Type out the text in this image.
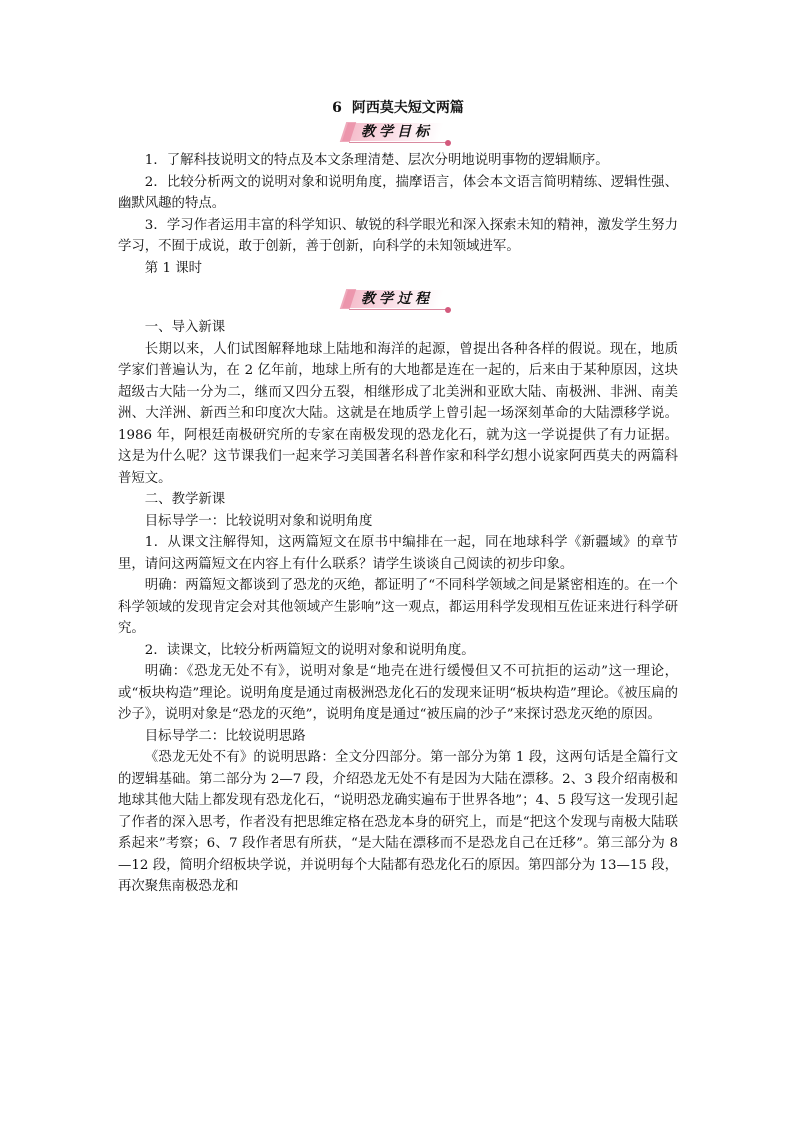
6 阿西莫夫短文两篇
教学目标

1．了解科技说明文的特点及本文条理清楚、层次分明地说明事物的逻辑顺序。

2．比较分析两文的说明对象和说明角度，揣摩语言，体会本文语言简明精练、逻辑性强、幽默风趣的特点。

3．学习作者运用丰富的科学知识、敏锐的科学眼光和深入探索未知的精神，激发学生努力学习，不囿于成说，敢于创新，善于创新，向科学的未知领域进军。

第 1 课时

教学过程

一、导入新课

长期以来，人们试图解释地球上陆地和海洋的起源，曾提出各种各样的假说。现在，地质学家们普遍认为，在 2 亿年前，地球上所有的大地都是连在一起的，后来由于某种原因，这块超级古大陆一分为二，继而又四分五裂，相继形成了北美洲和亚欧大陆、南极洲、非洲、南美洲、大洋洲、新西兰和印度次大陆。这就是在地质学上曾引起一场深刻革命的大陆漂移学说。1986 年，阿根廷南极研究所的专家在南极发现的恐龙化石，就为这一学说提供了有力证据。这是为什么呢？这节课我们一起来学习美国著名科普作家和科学幻想小说家阿西莫夫的两篇科普短文。

二、教学新课

目标导学一：比较说明对象和说明角度

1．从课文注解得知，这两篇短文在原书中编排在一起，同在地球科学《新疆域》的章节里，请问这两篇短文在内容上有什么联系？请学生谈谈自己阅读的初步印象。

明确：两篇短文都谈到了恐龙的灭绝，都证明了“不同科学领域之间是紧密相连的。在一个科学领域的发现肯定会对其他领域产生影响”这一观点，都运用科学发现相互佐证来进行科学研究。

2．读课文，比较分析两篇短文的说明对象和说明角度。

明确：《恐龙无处不有》，说明对象是“地壳在进行缓慢但又不可抗拒的运动”这一理论，或“板块构造”理论。说明角度是通过南极洲恐龙化石的发现来证明“板块构造”理论。《被压扁的沙子》，说明对象是“恐龙的灭绝”，说明角度是通过“被压扁的沙子”来探讨恐龙灭绝的原因。

目标导学二：比较说明思路

《恐龙无处不有》的说明思路：全文分四部分。第一部分为第 1 段，这两句话是全篇行文的逻辑基础。第二部分为 2—7 段，介绍恐龙无处不有是因为大陆在漂移。2、3 段介绍南极和地球其他大陆上都发现有恐龙化石，“说明恐龙确实遍布于世界各地”；4、5 段写这一发现引起了作者的深入思考，作者没有把思维定格在恐龙本身的研究上，而是“把这个发现与南极大陆联系起来”考察；6、7 段作者思有所获，“是大陆在漂移而不是恐龙自己在迁移”。第三部分为 8—12 段，简明介绍板块学说，并说明每个大陆都有恐龙化石的原因。第四部分为 13—15 段，再次聚焦南极恐龙和
